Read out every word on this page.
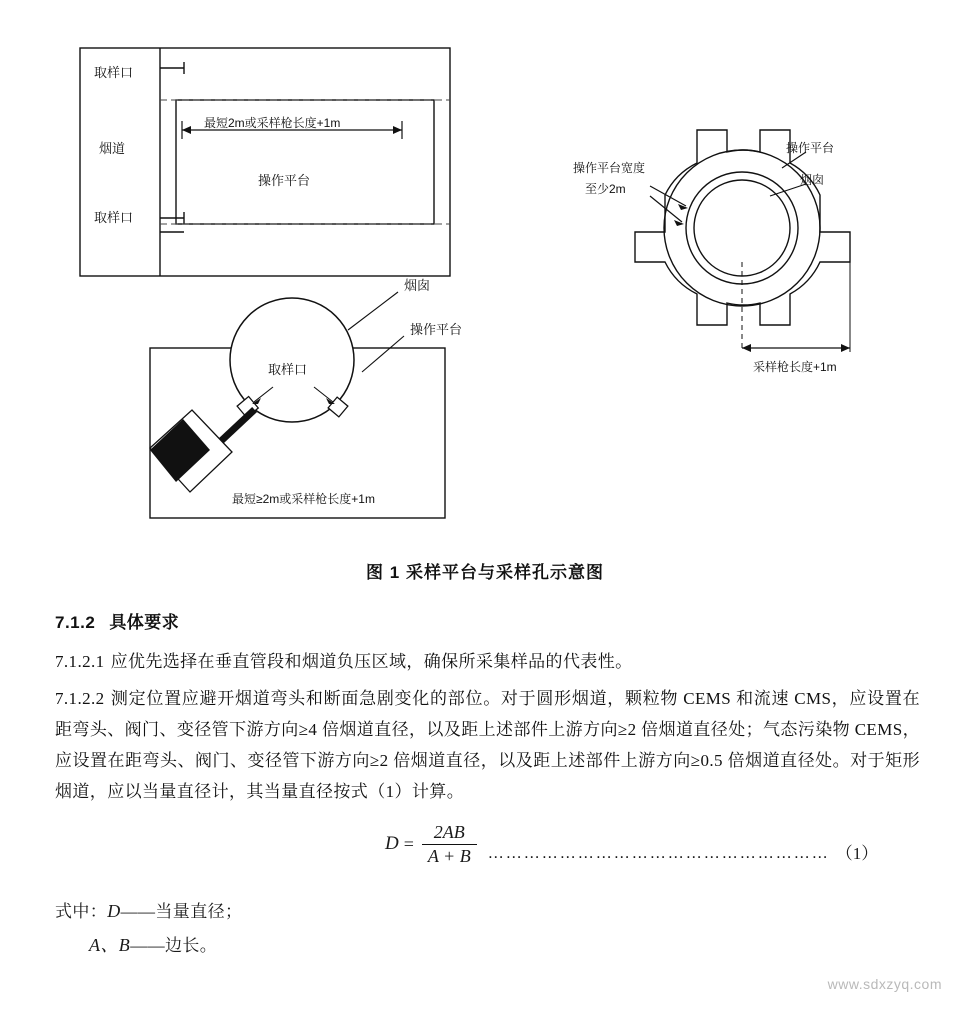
取样口
烟道
取样口
最短2m或采样枪长度+1m
操作平台
烟囱
操作平台
取样口
最短≥2m或采样枪长度+1m
操作平台宽度
至少2m
操作平台
烟囱
采样枪长度+1m
图 1 采样平台与采样孔示意图
7.1.2 具体要求

7.1.2.1 应优先选择在垂直管段和烟道负压区域，确保所采集样品的代表性。

7.1.2.2 测定位置应避开烟道弯头和断面急剧变化的部位。对于圆形烟道，颗粒物 CEMS 和流速 CMS，应设置在距弯头、阀门、变径管下游方向≥4 倍烟道直径，以及距上述部件上游方向≥2 倍烟道直径处；气态污染物 CEMS，应设置在距弯头、阀门、变径管下游方向≥2 倍烟道直径，以及距上述部件上游方向≥0.5 倍烟道直径处。对于矩形烟道，应以当量直径计，其当量直径按式（1）计算。

$D = \frac{2AB}{A + B}$ ………………………………………………… （1）

式中：D——当量直径；

A、B——边长。

www.sdxzyq.com
